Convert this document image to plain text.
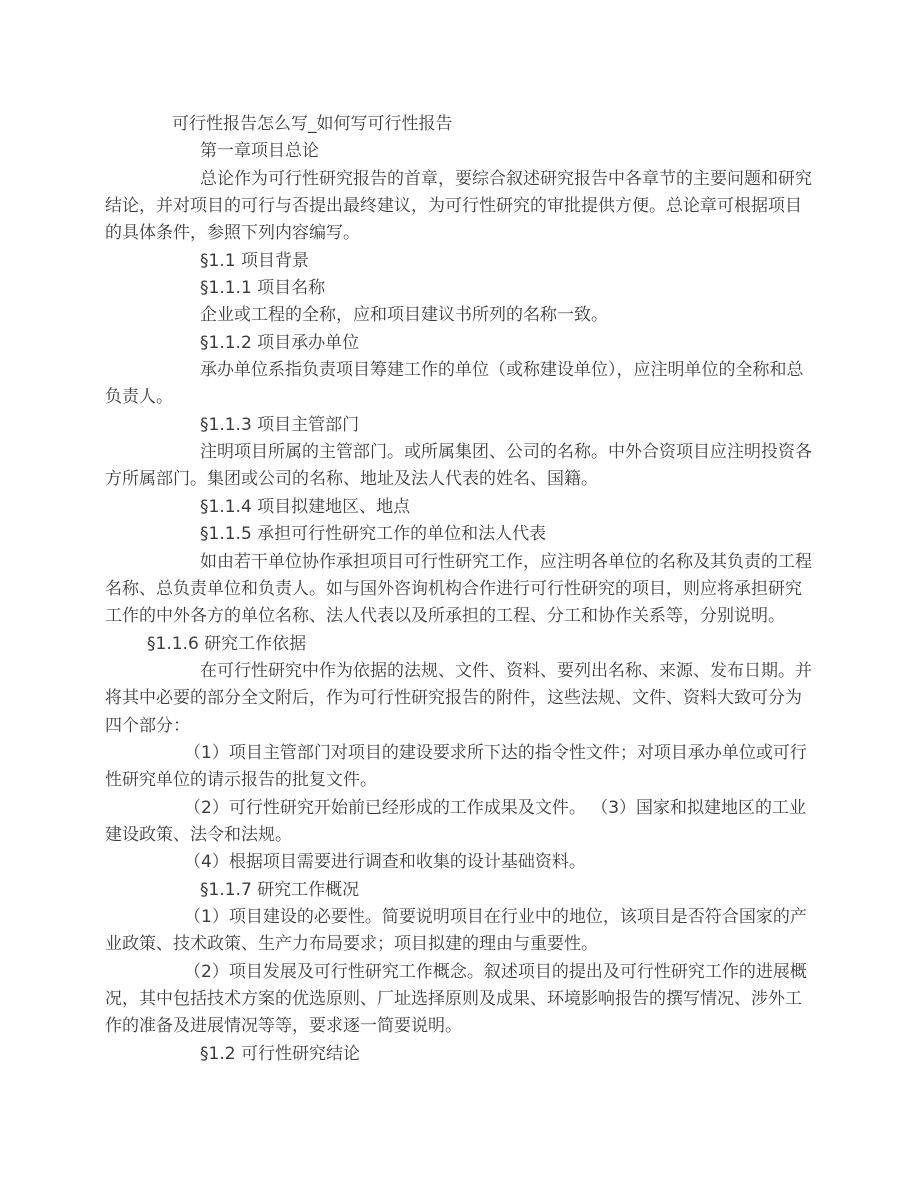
可行性报告怎么写_如何写可行性报告
第一章项目总论
总论作为可行性研究报告的首章，要综合叙述研究报告中各章节的主要问题和研究
结论，并对项目的可行与否提出最终建议，为可行性研究的审批提供方便。总论章可根据项目
的具体条件，参照下列内容编写。
§1.1 项目背景
§1.1.1 项目名称
企业或工程的全称，应和项目建议书所列的名称一致。
§1.1.2 项目承办单位
承办单位系指负责项目筹建工作的单位（或称建设单位），应注明单位的全称和总
负责人。
§1.1.3 项目主管部门
注明项目所属的主管部门。或所属集团、公司的名称。中外合资项目应注明投资各
方所属部门。集团或公司的名称、地址及法人代表的姓名、国籍。
§1.1.4 项目拟建地区、地点
§1.1.5 承担可行性研究工作的单位和法人代表
如由若干单位协作承担项目可行性研究工作，应注明各单位的名称及其负责的工程
名称、总负责单位和负责人。如与国外咨询机构合作进行可行性研究的项目，则应将承担研究
工作的中外各方的单位名称、法人代表以及所承担的工程、分工和协作关系等，分别说明。
§1.1.6 研究工作依据
在可行性研究中作为依据的法规、文件、资料、要列出名称、来源、发布日期。并
将其中必要的部分全文附后，作为可行性研究报告的附件，这些法规、文件、资料大致可分为
四个部分：
（1）项目主管部门对项目的建设要求所下达的指令性文件；对项目承办单位或可行
性研究单位的请示报告的批复文件。
（2）可行性研究开始前已经形成的工作成果及文件。 （3）国家和拟建地区的工业
建设政策、法令和法规。
（4）根据项目需要进行调查和收集的设计基础资料。
§1.1.7 研究工作概况
（1）项目建设的必要性。简要说明项目在行业中的地位，该项目是否符合国家的产
业政策、技术政策、生产力布局要求；项目拟建的理由与重要性。
（2）项目发展及可行性研究工作概念。叙述项目的提出及可行性研究工作的进展概
况，其中包括技术方案的优选原则、厂址选择原则及成果、环境影响报告的撰写情况、涉外工
作的准备及进展情况等等，要求逐一简要说明。
§1.2 可行性研究结论
